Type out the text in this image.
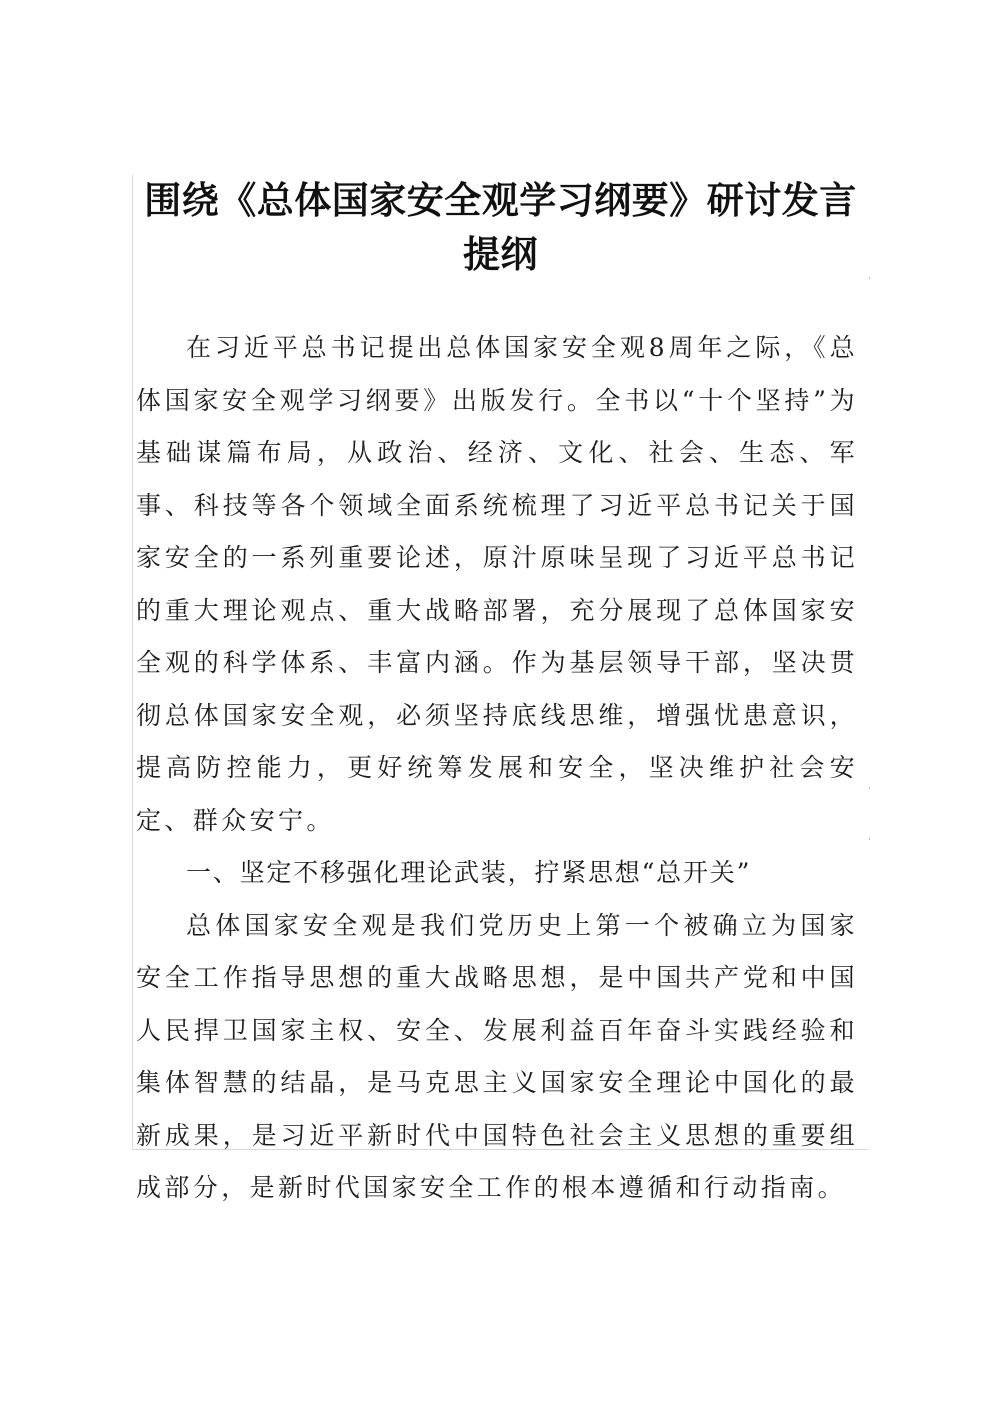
围绕《总体国家安全观学习纲要》研讨发言提纲

在习近平总书记提出总体国家安全观8周年之际，《总体国家安全观学习纲要》出版发行。全书以“十个坚持”为基础谋篇布局，从政治、经济、文化、社会、生态、军事、科技等各个领域全面系统梳理了习近平总书记关于国家安全的一系列重要论述，原汁原味呈现了习近平总书记的重大理论观点、重大战略部署，充分展现了总体国家安全观的科学体系、丰富内涵。作为基层领导干部，坚决贯彻总体国家安全观，必须坚持底线思维，增强忧患意识，提高防控能力，更好统筹发展和安全，坚决维护社会安定、群众安宁。

一、坚定不移强化理论武装，拧紧思想“总开关”

总体国家安全观是我们党历史上第一个被确立为国家安全工作指导思想的重大战略思想，是中国共产党和中国人民捍卫国家主权、安全、发展利益百年奋斗实践经验和集体智慧的结晶，是马克思主义国家安全理论中国化的最新成果，是习近平新时代中国特色社会主义思想的重要组成部分，是新时代国家安全工作的根本遵循和行动指南。
